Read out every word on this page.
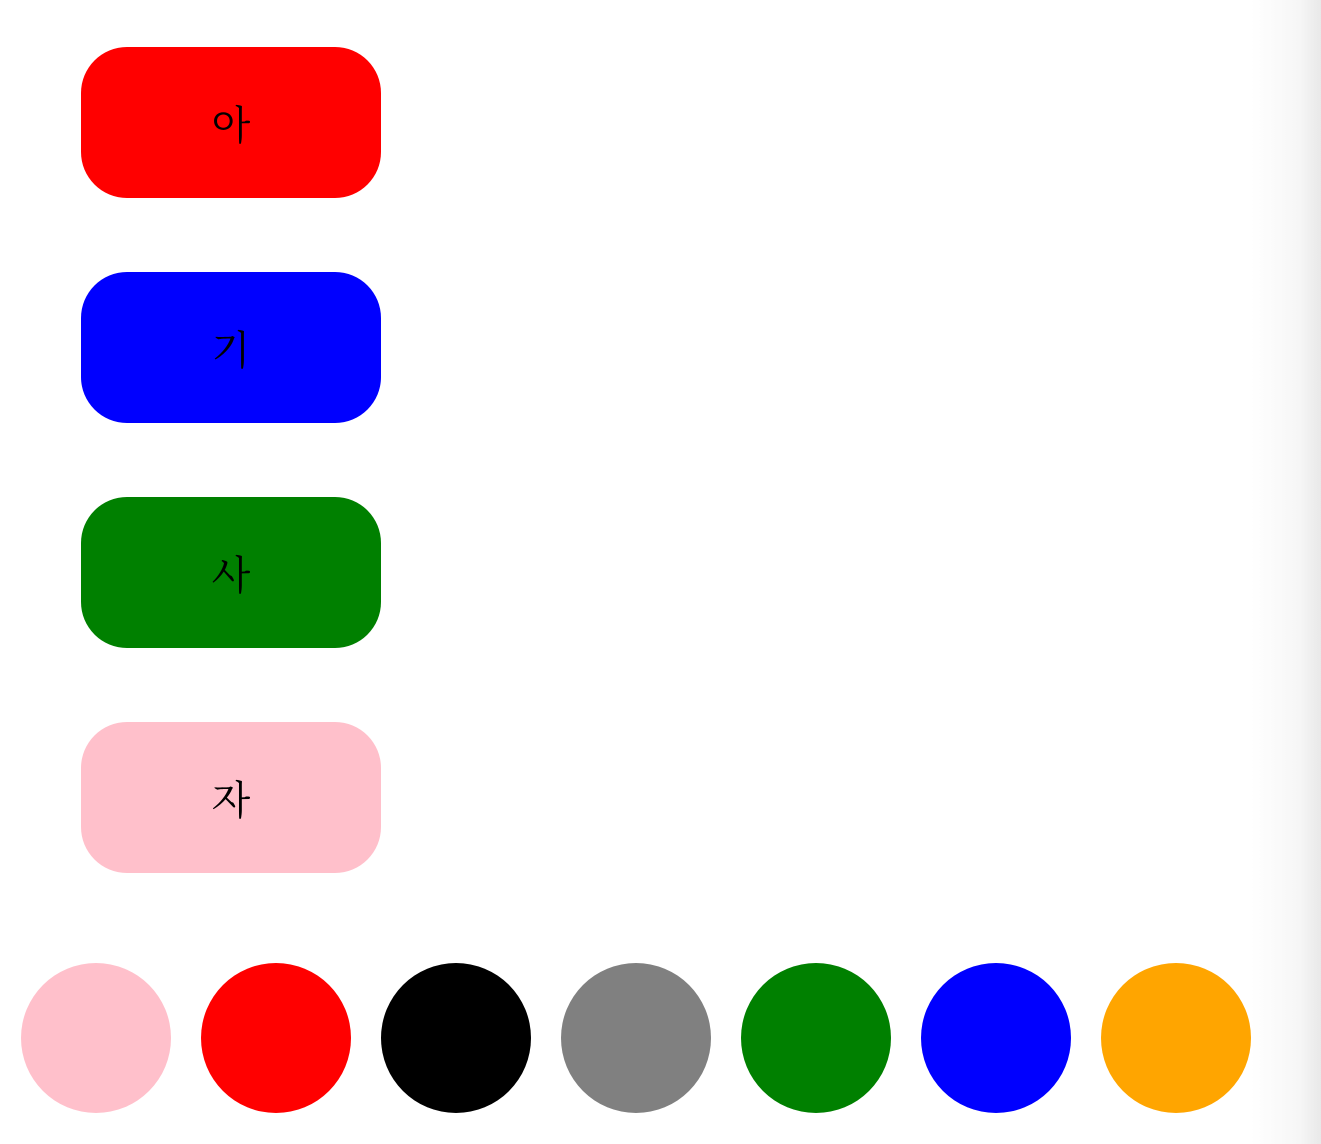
아
기
사
자
